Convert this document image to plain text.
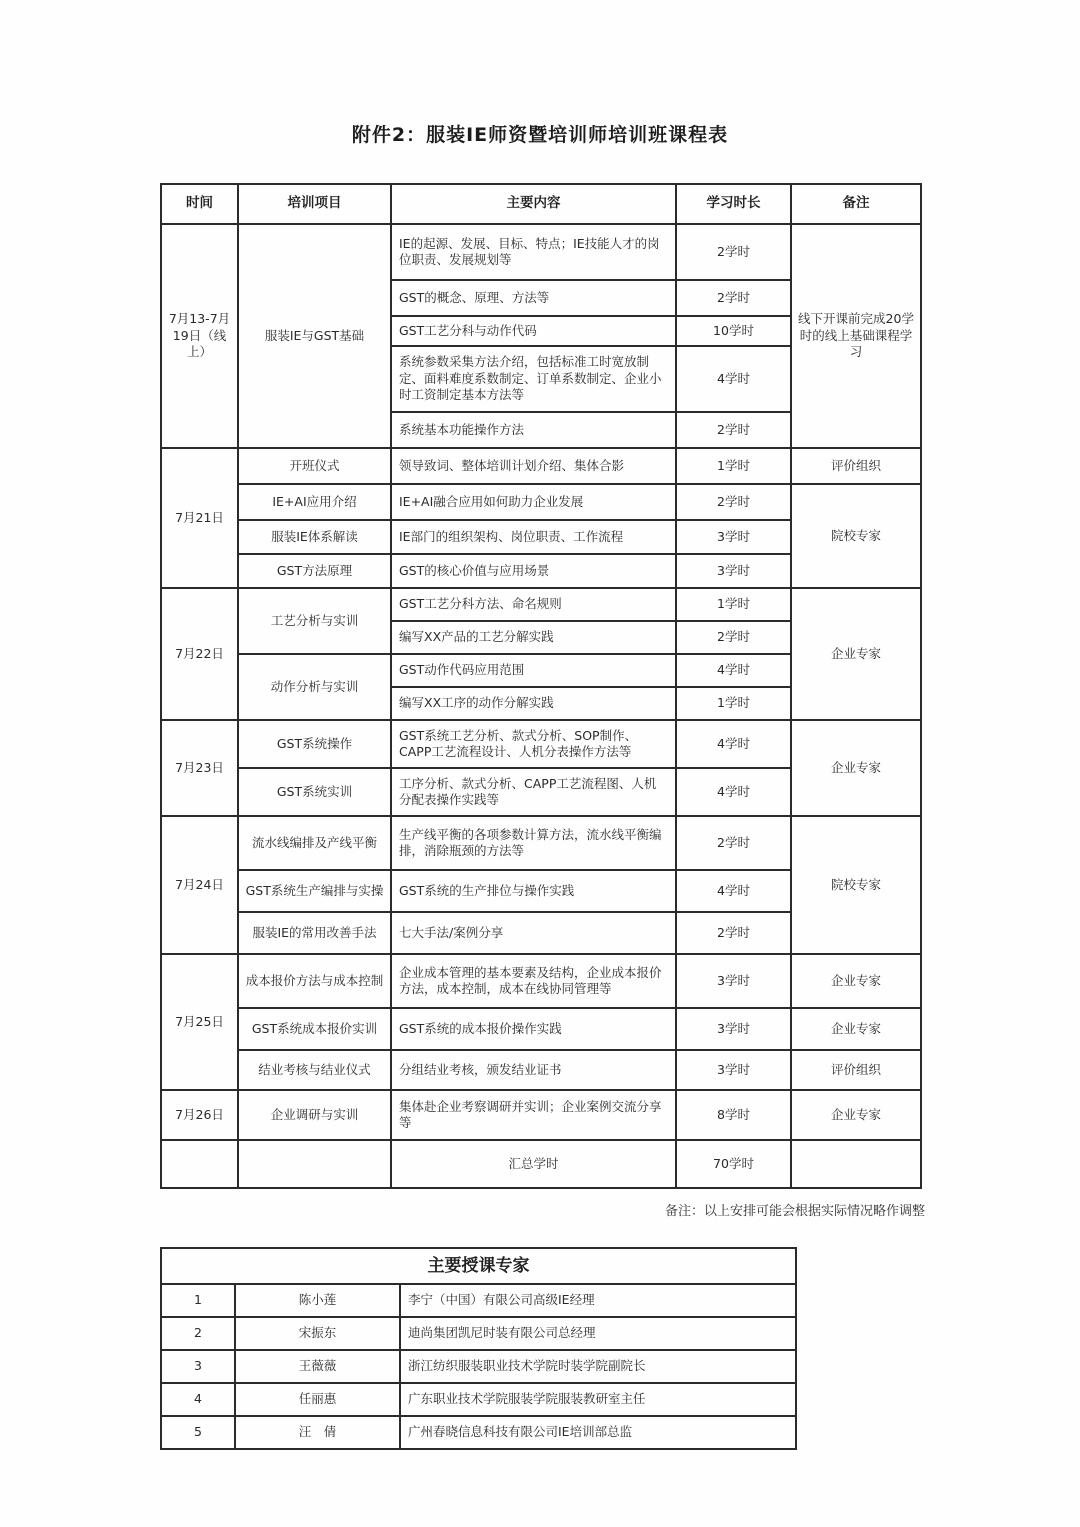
附件2：服装IE师资暨培训师培训班课程表
时间	培训项目	主要内容	学习时长	备注
7月13-7月19日（线上）	服装IE与GST基础	IE的起源、发展、目标、特点；IE技能人才的岗位职责、发展规划等	2学时	线下开课前完成20学时的线上基础课程学习
		GST的概念、原理、方法等	2学时	
		GST工艺分科与动作代码	10学时	
		系统参数采集方法介绍，包括标准工时宽放制定、面料难度系数制定、订单系数制定、企业小时工资制定基本方法等	4学时	
		系统基本功能操作方法	2学时	
7月21日	开班仪式	领导致词、整体培训计划介绍、集体合影	1学时	评价组织
	IE+AI应用介绍	IE+AI融合应用如何助力企业发展	2学时	院校专家
	服装IE体系解读	IE部门的组织架构、岗位职责、工作流程	3学时	
	GST方法原理	GST的核心价值与应用场景	3学时	
7月22日	工艺分析与实训	GST工艺分科方法、命名规则	1学时	企业专家
		编写XX产品的工艺分解实践	2学时	
	动作分析与实训	GST动作代码应用范围	4学时	
		编写XX工序的动作分解实践	1学时	
7月23日	GST系统操作	GST系统工艺分析、款式分析、SOP制作、CAPP工艺流程设计、人机分表操作方法等	4学时	企业专家
	GST系统实训	工序分析、款式分析、CAPP工艺流程图、人机分配表操作实践等	4学时	
7月24日	流水线编排及产线平衡	生产线平衡的各项参数计算方法，流水线平衡编排，消除瓶颈的方法等	2学时	院校专家
	GST系统生产编排与实操	GST系统的生产排位与操作实践	4学时	
	服装IE的常用改善手法	七大手法/案例分享	2学时	
7月25日	成本报价方法与成本控制	企业成本管理的基本要素及结构，企业成本报价方法，成本控制，成本在线协同管理等	3学时	企业专家
	GST系统成本报价实训	GST系统的成本报价操作实践	3学时	企业专家
	结业考核与结业仪式	分组结业考核，颁发结业证书	3学时	评价组织
7月26日	企业调研与实训	集体赴企业考察调研并实训；企业案例交流分享等	8学时	企业专家
		汇总学时	70学时	
备注：以上安排可能会根据实际情况略作调整
主要授课专家		
1	陈小莲	李宁（中国）有限公司高级IE经理
2	宋振东	迪尚集团凯尼时装有限公司总经理
3	王薇薇	浙江纺织服装职业技术学院时装学院副院长
4	任丽惠	广东职业技术学院服装学院服装教研室主任
5	汪　倩	广州春晓信息科技有限公司IE培训部总监
